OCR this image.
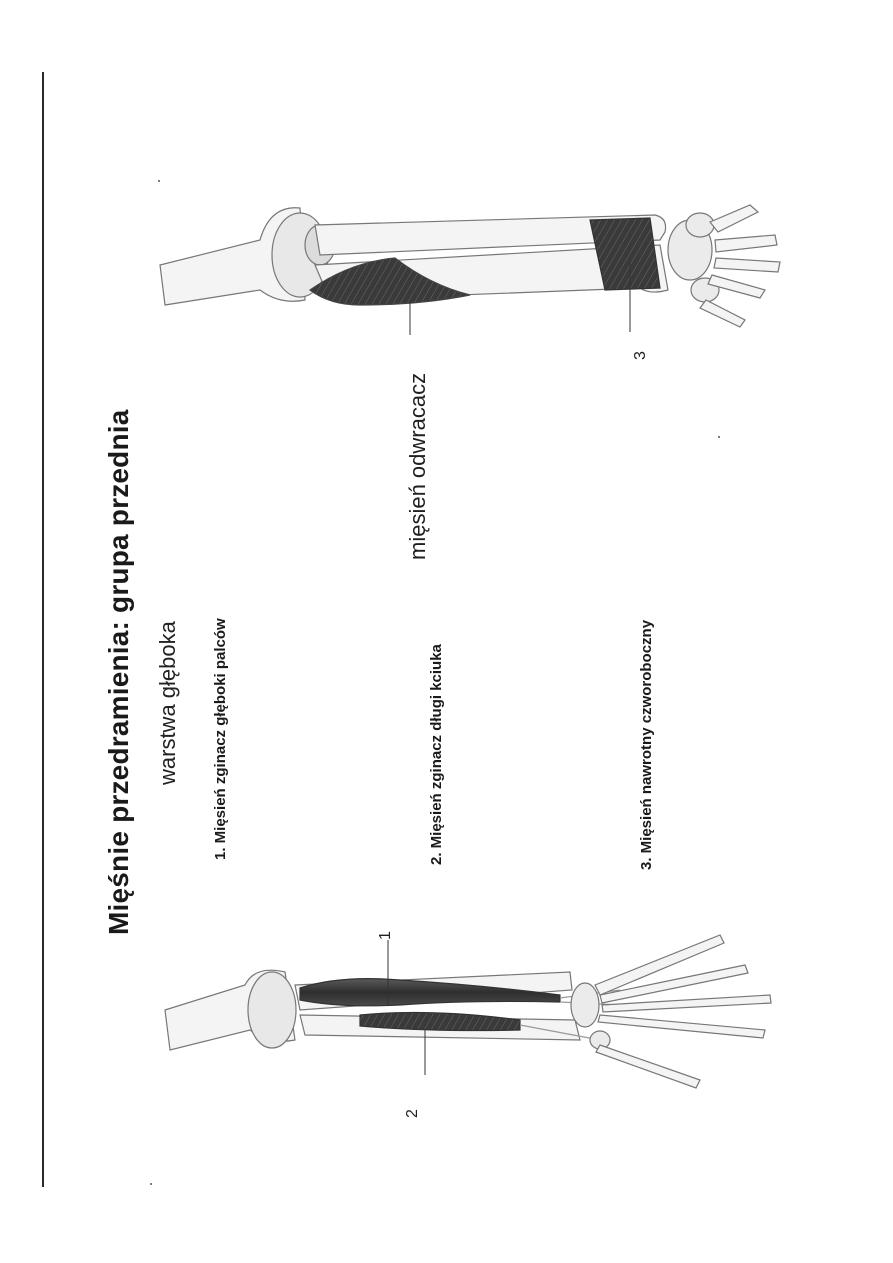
Mięśnie przedramienia: grupa przednia warstwa głęboka 1. Mięsień zginacz głęboki palców	2. Mięsień zginacz długi kciuka	3. Mięsień nawrotny czworoboczny
mięsień odwracacz
1
2
3
